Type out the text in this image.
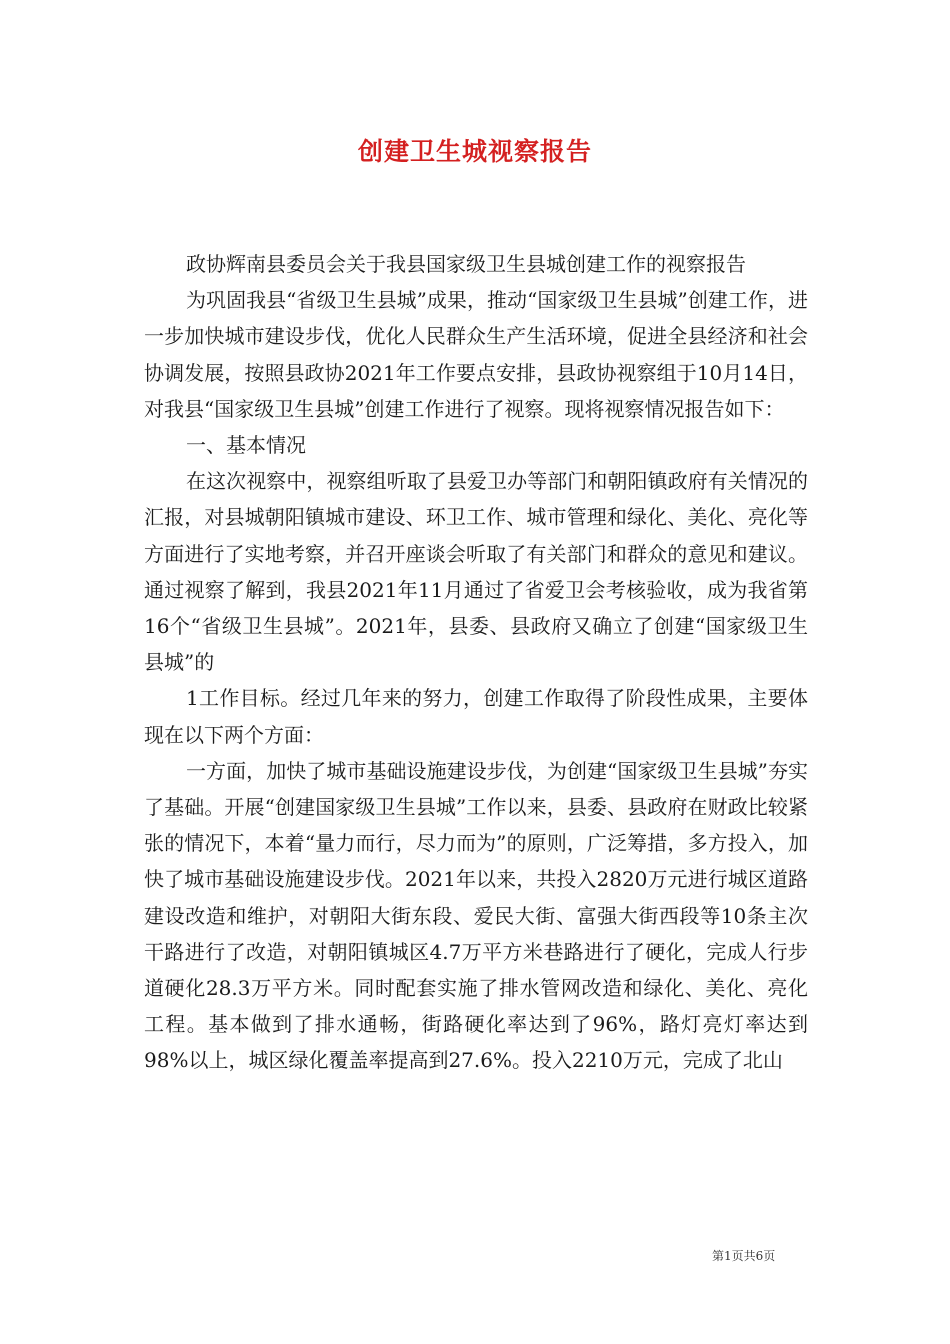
创建卫生城视察报告

政协辉南县委员会关于我县国家级卫生县城创建工作的视察报告

为巩固我县“省级卫生县城”成果，推动“国家级卫生县城”创建工作，进一步加快城市建设步伐，优化人民群众生产生活环境，促进全县经济和社会协调发展，按照县政协2021年工作要点安排，县政协视察组于10月14日，对我县“国家级卫生县城”创建工作进行了视察。现将视察情况报告如下：

一、基本情况

在这次视察中，视察组听取了县爱卫办等部门和朝阳镇政府有关情况的汇报，对县城朝阳镇城市建设、环卫工作、城市管理和绿化、美化、亮化等方面进行了实地考察，并召开座谈会听取了有关部门和群众的意见和建议。通过视察了解到，我县2021年11月通过了省爱卫会考核验收，成为我省第16个“省级卫生县城”。2021年，县委、县政府又确立了创建“国家级卫生县城”的

1工作目标。经过几年来的努力，创建工作取得了阶段性成果，主要体现在以下两个方面：

一方面，加快了城市基础设施建设步伐，为创建“国家级卫生县城”夯实了基础。开展“创建国家级卫生县城”工作以来，县委、县政府在财政比较紧张的情况下，本着“量力而行，尽力而为”的原则，广泛筹措，多方投入，加快了城市基础设施建设步伐。2021年以来，共投入2820万元进行城区道路建设改造和维护，对朝阳大街东段、爱民大街、富强大街西段等10条主次干路进行了改造，对朝阳镇城区4.7万平方米巷路进行了硬化，完成人行步道硬化28.3万平方米。同时配套实施了排水管网改造和绿化、美化、亮化工程。基本做到了排水通畅，街路硬化率达到了96%，路灯亮灯率达到98%以上，城区绿化覆盖率提高到27.6%。投入2210万元，完成了北山

第1页共6页
